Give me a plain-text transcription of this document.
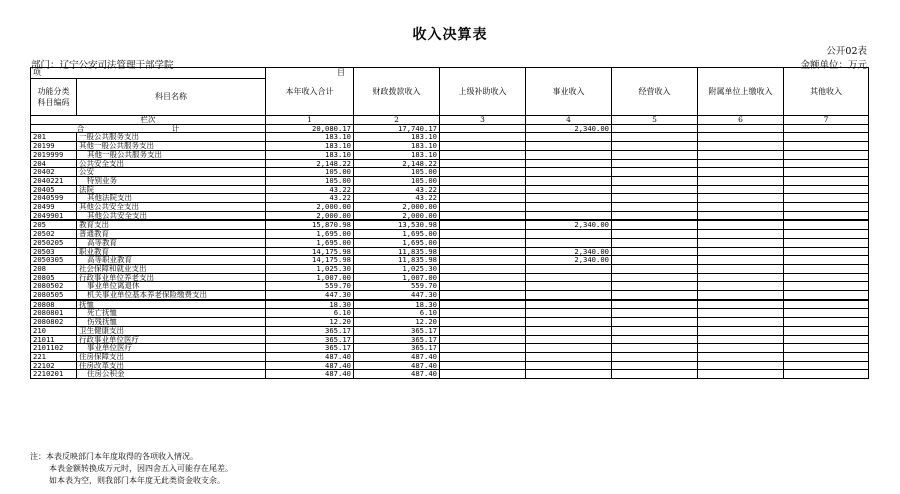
收入决算表
公开02表
部门：辽宁公安司法管理干部学院	金额单位：万元
项　　　　　　　目		本年收入合计	财政拨款收入	上级补助收入	事业收入	经营收入	附属单位上缴收入	其他收入
功能分类
科目编码	科目名称							
栏次		1	2	3	4	5	6	7
合　计		20,080.17	17,740.17		2,340.00			
201	一般公共服务支出	183.10	183.10					
20199	其他一般公共服务支出	183.10	183.10					
2019999	其他一般公共服务支出	183.10	183.10					
204	公共安全支出	2,148.22	2,148.22					
20402	公安	105.00	105.00					
2040221	特别业务	105.00	105.00					
20405	法院	43.22	43.22					
2040599	其他法院支出	43.22	43.22					
20499	其他公共安全支出	2,000.00	2,000.00					
2049901	其他公共安全支出	2,000.00	2,000.00					
205	教育支出	15,870.98	13,530.98		2,340.00			
20502	普通教育	1,695.00	1,695.00					
2050205	高等教育	1,695.00	1,695.00					
20503	职业教育	14,175.98	11,835.98		2,340.00			
2050305	高等职业教育	14,175.98	11,835.98		2,340.00			
208	社会保障和就业支出	1,025.30	1,025.30					
20805	行政事业单位养老支出	1,007.00	1,007.00					
2080502	事业单位离退休	559.70	559.70					
2080505	机关事业单位基本养老保险缴费支出	447.30	447.30					
20808	抚恤	18.30	18.30					
2080801	死亡抚恤	6.10	6.10					
2080802	伤残抚恤	12.20	12.20					
210	卫生健康支出	365.17	365.17					
21011	行政事业单位医疗	365.17	365.17					
2101102	事业单位医疗	365.17	365.17					
221	住房保障支出	487.40	487.40					
22102	住房改革支出	487.40	487.40					
2210201	住房公积金	487.40	487.40					
注：本表反映部门本年度取得的各项收入情况。
本表金额转换成万元时，因四舍五入可能存在尾差。
如本表为空，则我部门本年度无此类资金收支余。
